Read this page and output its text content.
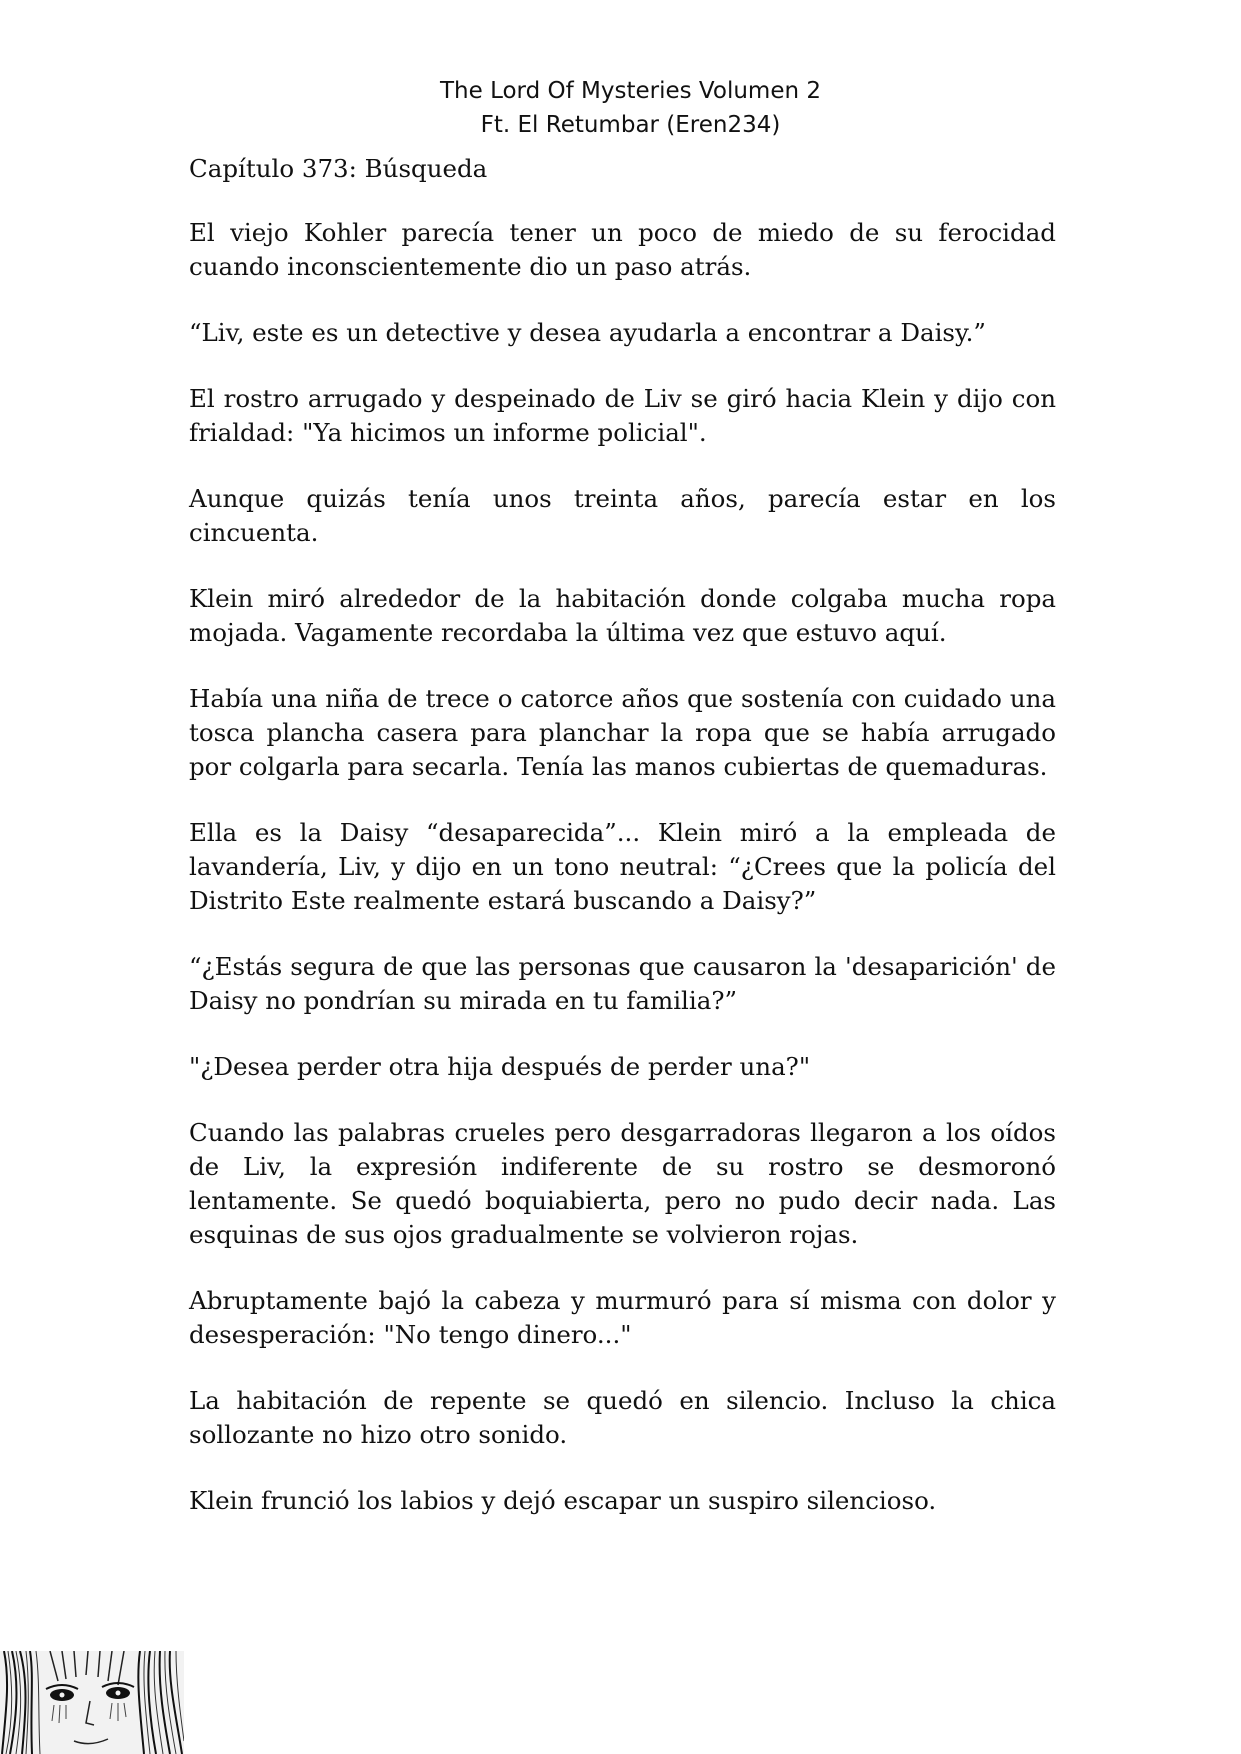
The Lord Of Mysteries Volumen 2
Ft. El Retumbar (Eren234)

Capítulo 373: Búsqueda

El viejo Kohler parecía tener un poco de miedo de su ferocidad cuando inconscientemente dio un paso atrás.

“Liv, este es un detective y desea ayudarla a encontrar a Daisy.”

El rostro arrugado y despeinado de Liv se giró hacia Klein y dijo con frialdad: "Ya hicimos un informe policial".

Aunque quizás tenía unos treinta años, parecía estar en los cincuenta.

Klein miró alrededor de la habitación donde colgaba mucha ropa mojada. Vagamente recordaba la última vez que estuvo aquí.

Había una niña de trece o catorce años que sostenía con cuidado una tosca plancha casera para planchar la ropa que se había arrugado por colgarla para secarla. Tenía las manos cubiertas de quemaduras.

Ella es la Daisy “desaparecida”... Klein miró a la empleada de lavandería, Liv, y dijo en un tono neutral: “¿Crees que la policía del Distrito Este realmente estará buscando a Daisy?”

“¿Estás segura de que las personas que causaron la 'desaparición' de Daisy no pondrían su mirada en tu familia?”

"¿Desea perder otra hija después de perder una?"

Cuando las palabras crueles pero desgarradoras llegaron a los oídos de Liv, la expresión indiferente de su rostro se desmoronó lentamente. Se quedó boquiabierta, pero no pudo decir nada. Las esquinas de sus ojos gradualmente se volvieron rojas.

Abruptamente bajó la cabeza y murmuró para sí misma con dolor y desesperación: "No tengo dinero..."

La habitación de repente se quedó en silencio. Incluso la chica sollozante no hizo otro sonido.

Klein frunció los labios y dejó escapar un suspiro silencioso.
